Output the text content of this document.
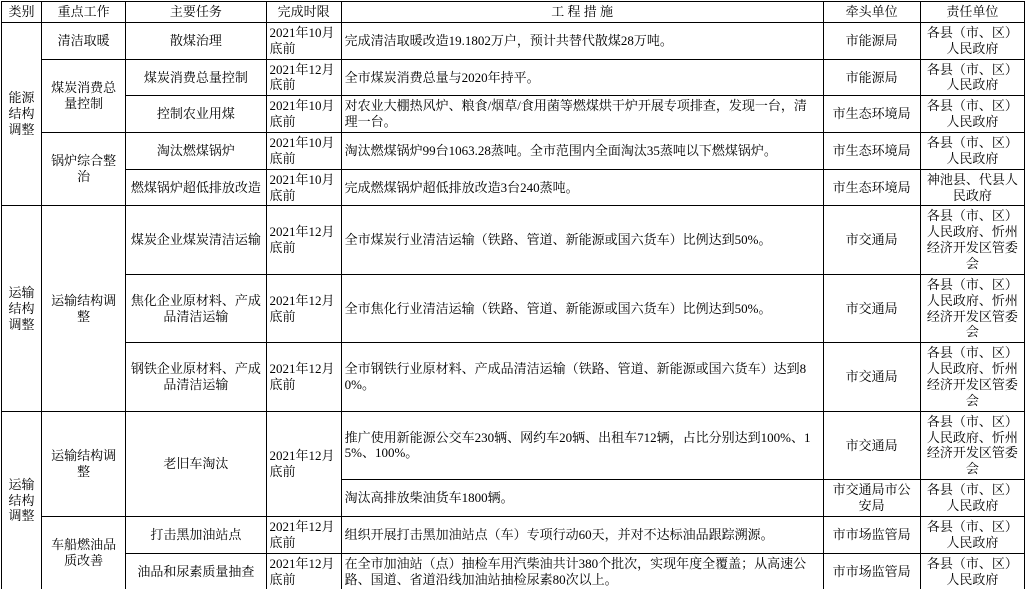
类别	重点工作	主要任务	完成时限	工 程 措 施	牵头单位	责任单位
能源结构调整	清洁取暖	散煤治理	2021年10月底前	完成清洁取暖改造19.1802万户，预计共替代散煤28万吨。	市能源局	各县（市、区）人民政府
	煤炭消费总量控制	煤炭消费总量控制	2021年12月底前	全市煤炭消费总量与2020年持平。	市能源局	各县（市、区）人民政府
		控制农业用煤	2021年10月底前	对农业大棚热风炉、粮食/烟草/食用菌等燃煤烘干炉开展专项排查，发现一台，清理一台。	市生态环境局	各县（市、区）人民政府
	锅炉综合整治	淘汰燃煤锅炉	2021年10月底前	淘汰燃煤锅炉99台1063.28蒸吨。全市范围内全面淘汰35蒸吨以下燃煤锅炉。	市生态环境局	各县（市、区）人民政府
		燃煤锅炉超低排放改造	2021年10月底前	完成燃煤锅炉超低排放改造3台240蒸吨。	市生态环境局	神池县、代县人民政府
运输结构调整	运输结构调整	煤炭企业煤炭清洁运输	2021年12月底前	全市煤炭行业清洁运输（铁路、管道、新能源或国六货车）比例达到50%。	市交通局	各县（市、区）人民政府、忻州经济开发区管委会
		焦化企业原材料、产成品清洁运输	2021年12月底前	全市焦化行业清洁运输（铁路、管道、新能源或国六货车）比例达到50%。	市交通局	各县（市、区）人民政府、忻州经济开发区管委会
		钢铁企业原材料、产成品清洁运输	2021年12月底前	全市钢铁行业原材料、产成品清洁运输（铁路、管道、新能源或国六货车）达到80%。	市交通局	各县（市、区）人民政府、忻州经济开发区管委会
运输结构调整	运输结构调整	老旧车淘汰	2021年12月底前	推广使用新能源公交车230辆、网约车20辆、出租车712辆，占比分别达到100%、15%、100%。	市交通局	各县（市、区）人民政府、忻州经济开发区管委会
				淘汰高排放柴油货车1800辆。	市交通局市公安局	各县（市、区）人民政府
	车船燃油品质改善	打击黑加油站点	2021年12月底前	组织开展打击黑加油站点（车）专项行动60天，并对不达标油品跟踪溯源。	市市场监管局	各县（市、区）人民政府
		油品和尿素质量抽查	2021年12月底前	在全市加油站（点）抽检车用汽柴油共计380个批次，实现年度全覆盖；从高速公路、国道、省道沿线加油站抽检尿素80次以上。	市市场监管局	各县（市、区）人民政府
